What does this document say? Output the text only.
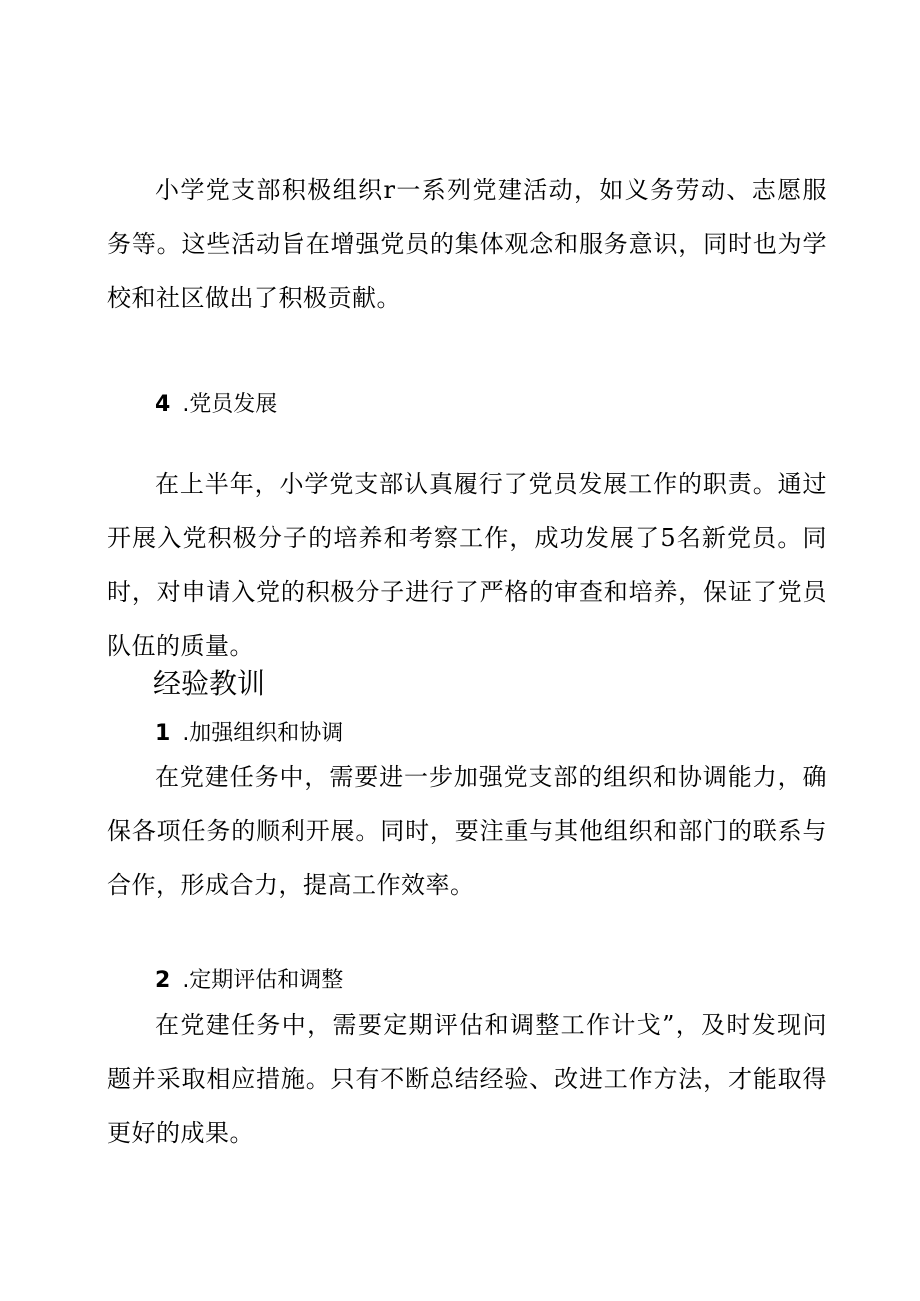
小学党支部积极组织r一系列党建活动，如义务劳动、志愿服务等。这些活动旨在增强党员的集体观念和服务意识，同时也为学校和社区做出了积极贡献。

4 .党员发展

在上半年，小学党支部认真履行了党员发展工作的职责。通过开展入党积极分子的培养和考察工作，成功发展了5名新党员。同时，对申请入党的积极分子进行了严格的审查和培养，保证了党员队伍的质量。

经验教训

1 .加强组织和协调

在党建任务中，需要进一步加强党支部的组织和协调能力，确保各项任务的顺利开展。同时，要注重与其他组织和部门的联系与合作，形成合力，提高工作效率。

2 .定期评估和调整

在党建任务中，需要定期评估和调整工作计戈”，及时发现问题并采取相应措施。只有不断总结经验、改进工作方法，才能取得更好的成果。
